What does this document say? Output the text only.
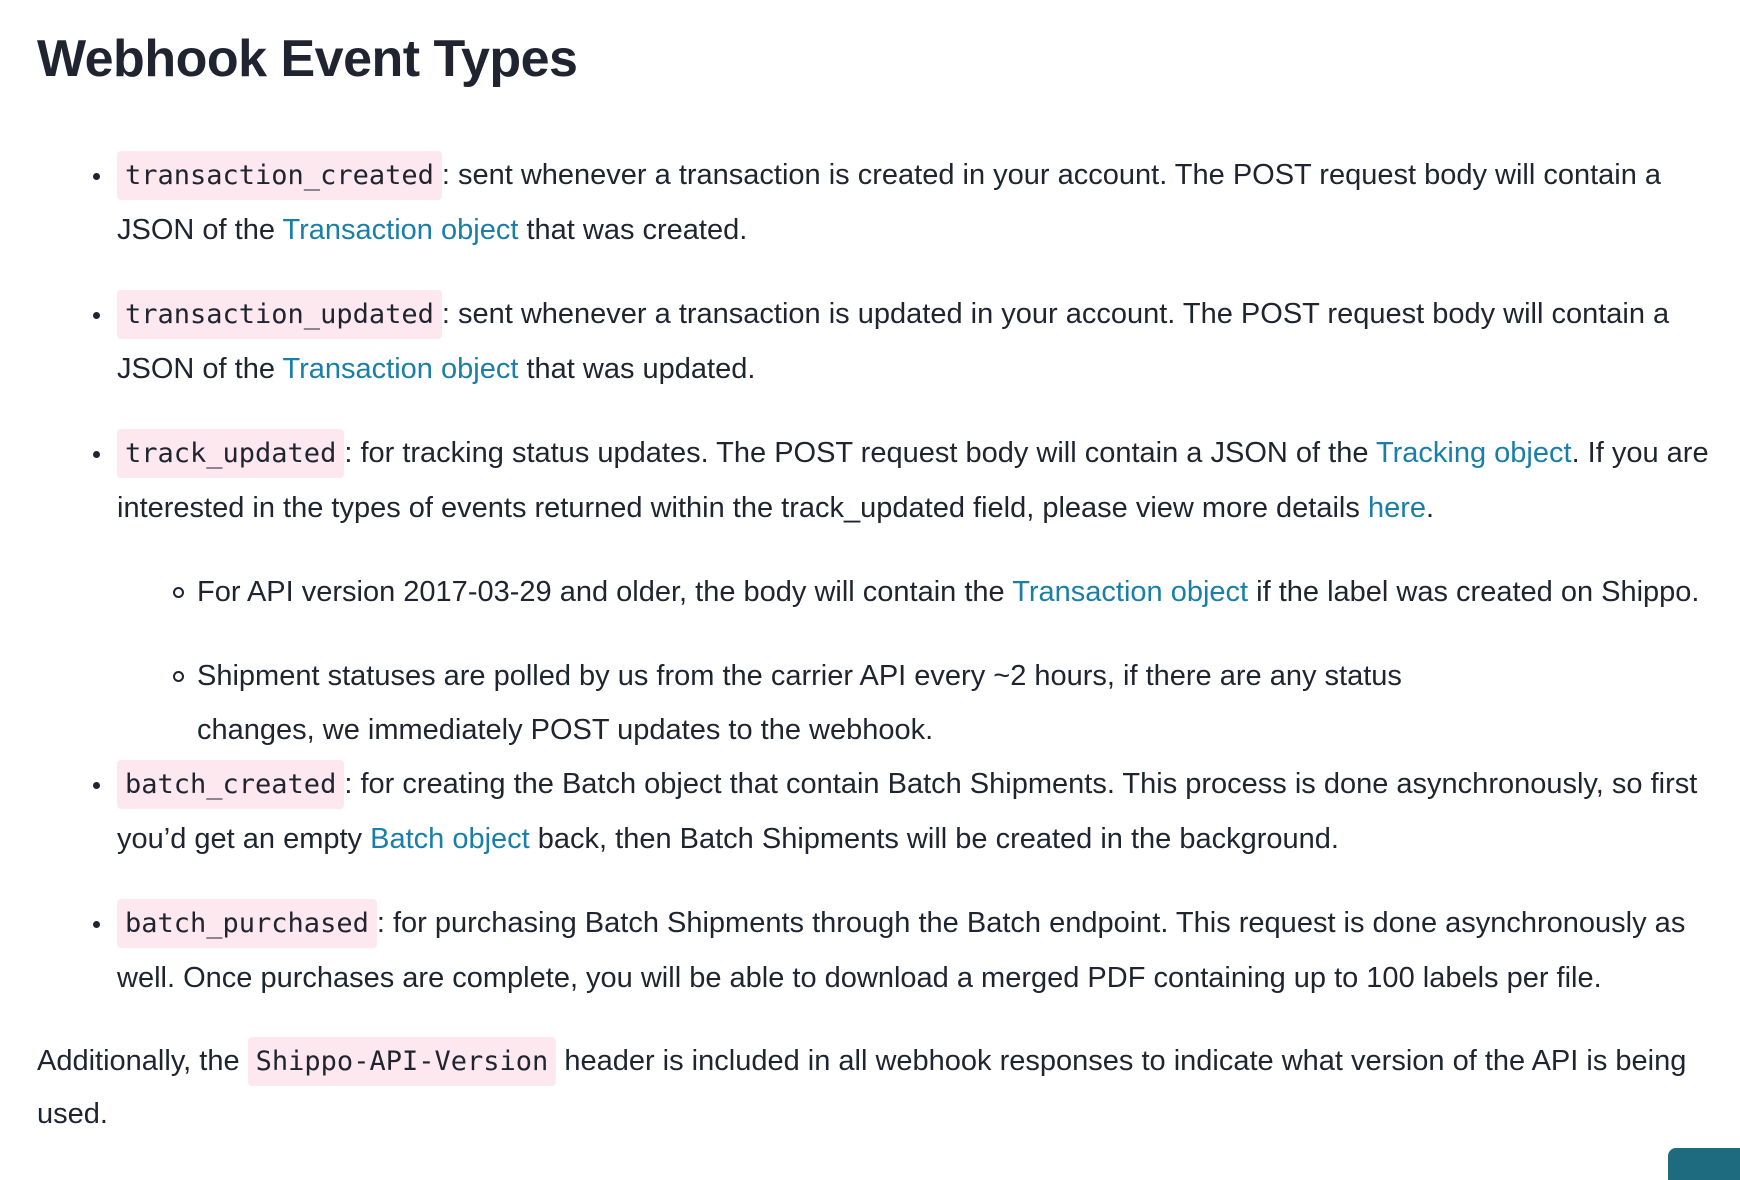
Webhook Event Types
transaction_created : sent whenever a transaction is created in your account. The POST request body will contain a JSON of the Transaction object that was created.
transaction_updated : sent whenever a transaction is updated in your account. The POST request body will contain a JSON of the Transaction object that was updated.
track_updated : for tracking status updates. The POST request body will contain a JSON of the Tracking object. If you are interested in the types of events returned within the track_updated field, please view more details here.
For API version 2017-03-29 and older, the body will contain the Transaction object if the label was created on Shippo.
Shipment statuses are polled by us from the carrier API every ~2 hours, if there are any status changes, we immediately POST updates to the webhook.
batch_created : for creating the Batch object that contain Batch Shipments. This process is done asynchronously, so first you’d get an empty Batch object back, then Batch Shipments will be created in the background.
batch_purchased : for purchasing Batch Shipments through the Batch endpoint. This request is done asynchronously as well. Once purchases are complete, you will be able to download a merged PDF containing up to 100 labels per file.

Additionally, the Shippo-API-Version header is included in all webhook responses to indicate what version of the API is being used.
